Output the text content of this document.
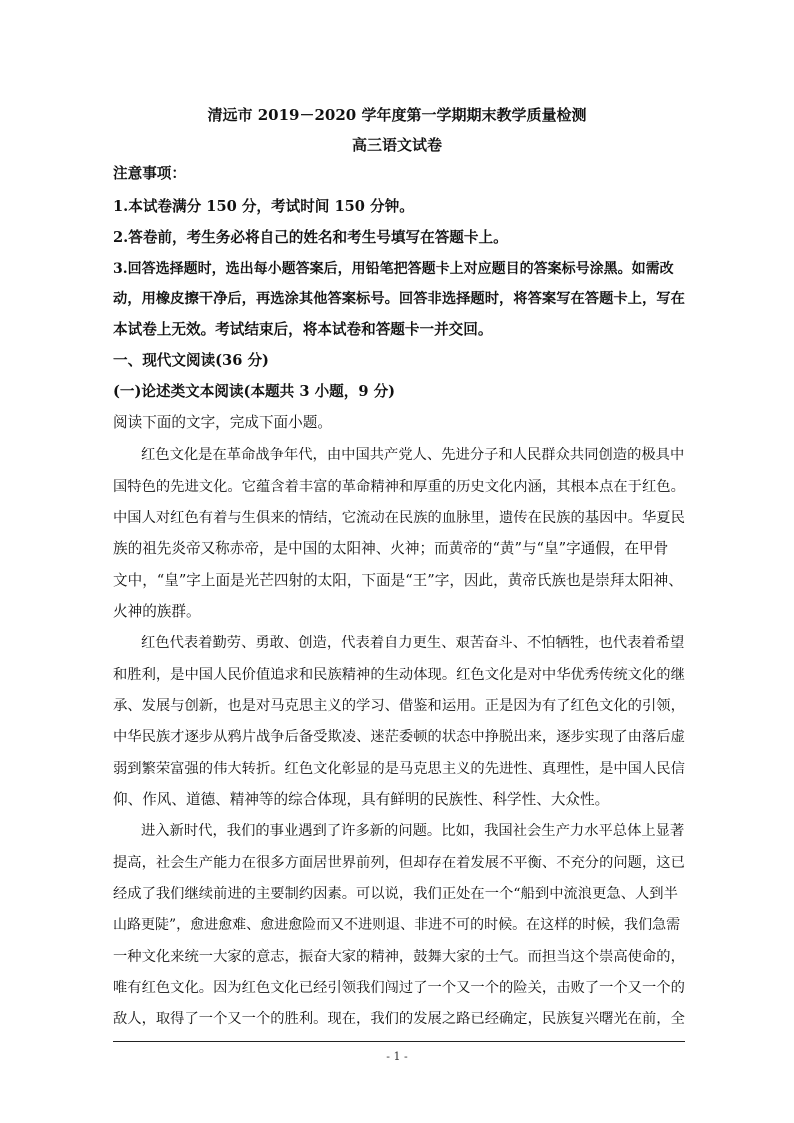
清远市 2019－2020 学年度第一学期期末教学质量检测
高三语文试卷
注意事项：
1.本试卷满分 150 分，考试时间 150 分钟。
2.答卷前，考生务必将自己的姓名和考生号填写在答题卡上。
3.回答选择题时，选出每小题答案后，用铅笔把答题卡上对应题目的答案标号涂黑。如需改
动，用橡皮擦干净后，再选涂其他答案标号。回答非选择题时，将答案写在答题卡上，写在
本试卷上无效。考试结束后，将本试卷和答题卡一并交回。
一、现代文阅读(36 分)
(一)论述类文本阅读(本题共 3 小题，9 分)
阅读下面的文字，完成下面小题。
红色文化是在革命战争年代，由中国共产党人、先进分子和人民群众共同创造的极具中
国特色的先进文化。它蕴含着丰富的革命精神和厚重的历史文化内涵，其根本点在于红色。
中国人对红色有着与生俱来的情结，它流动在民族的血脉里，遗传在民族的基因中。华夏民
族的祖先炎帝又称赤帝，是中国的太阳神、火神；而黄帝的“黄”与“皇”字通假，在甲骨
文中，“皇”字上面是光芒四射的太阳，下面是“王”字，因此，黄帝氏族也是崇拜太阳神、
火神的族群。
红色代表着勤劳、勇敢、创造，代表着自力更生、艰苦奋斗、不怕牺牲，也代表着希望
和胜利，是中国人民价值追求和民族精神的生动体现。红色文化是对中华优秀传统文化的继
承、发展与创新，也是对马克思主义的学习、借鉴和运用。正是因为有了红色文化的引领，
中华民族才逐步从鸦片战争后备受欺凌、迷茫委顿的状态中挣脱出来，逐步实现了由落后虚
弱到繁荣富强的伟大转折。红色文化彰显的是马克思主义的先进性、真理性，是中国人民信
仰、作风、道德、精神等的综合体现，具有鲜明的民族性、科学性、大众性。
进入新时代，我们的事业遇到了许多新的问题。比如，我国社会生产力水平总体上显著
提高，社会生产能力在很多方面居世界前列，但却存在着发展不平衡、不充分的问题，这已
经成了我们继续前进的主要制约因素。可以说，我们正处在一个“船到中流浪更急、人到半
山路更陡”，愈进愈难、愈进愈险而又不进则退、非进不可的时候。在这样的时候，我们急需
一种文化来统一大家的意志，振奋大家的精神，鼓舞大家的士气。而担当这个崇高使命的，
唯有红色文化。因为红色文化已经引领我们闯过了一个又一个的险关，击败了一个又一个的
敌人，取得了一个又一个的胜利。现在，我们的发展之路已经确定，民族复兴曙光在前，全
- 1 -
